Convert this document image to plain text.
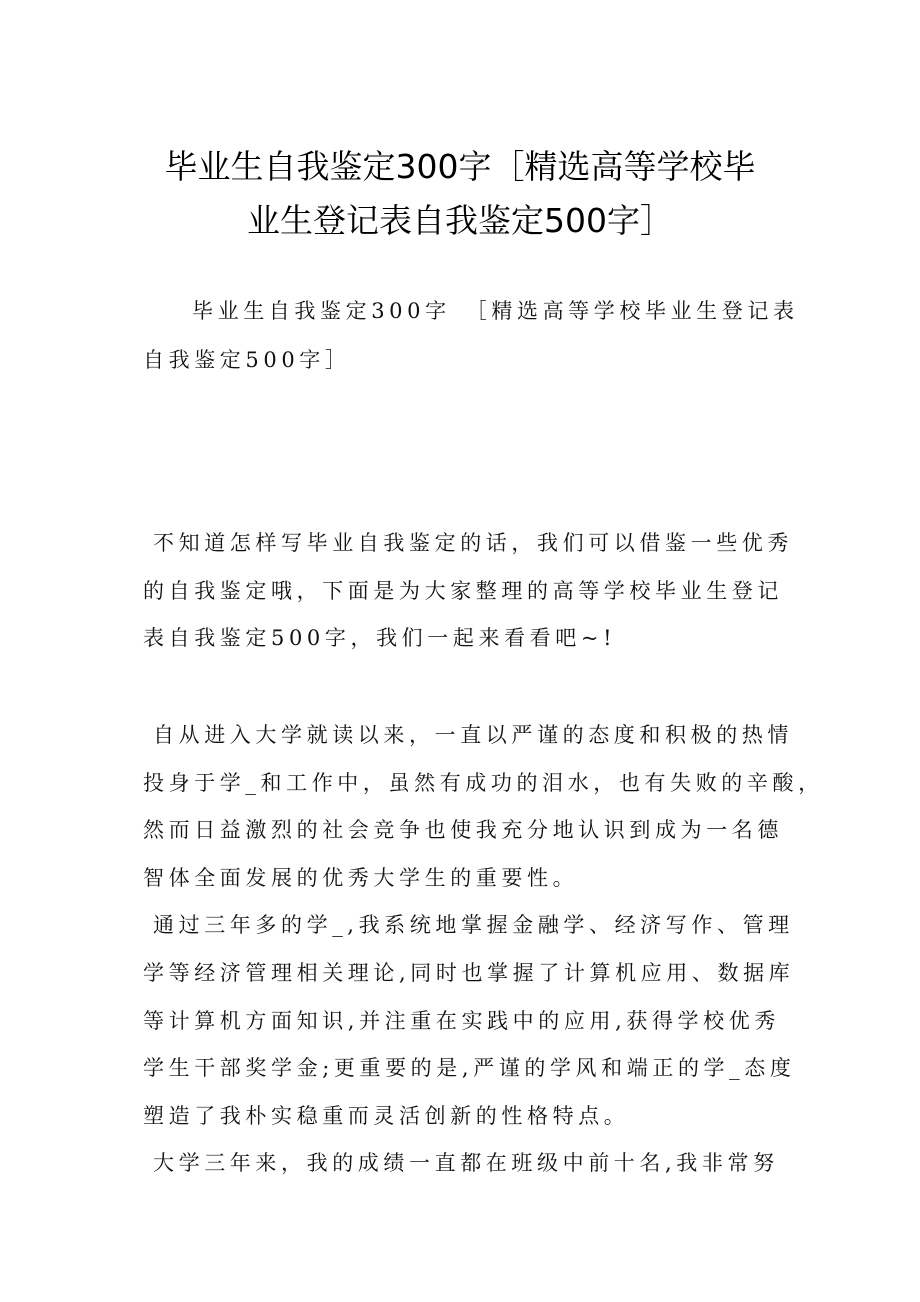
毕业生自我鉴定300字［精选高等学校毕
业生登记表自我鉴定500字］
毕业生自我鉴定300字　［精选高等学校毕业生登记表
自我鉴定500字］
不知道怎样写毕业自我鉴定的话，我们可以借鉴一些优秀
的自我鉴定哦，下面是为大家整理的高等学校毕业生登记
表自我鉴定500字，我们一起来看看吧~!
自从进入大学就读以来，一直以严谨的态度和积极的热情
投身于学_和工作中，虽然有成功的泪水，也有失败的辛酸，
然而日益激烈的社会竞争也使我充分地认识到成为一名德
智体全面发展的优秀大学生的重要性。
通过三年多的学_,我系统地掌握金融学、经济写作、管理
学等经济管理相关理论,同时也掌握了计算机应用、数据库
等计算机方面知识,并注重在实践中的应用,获得学校优秀
学生干部奖学金;更重要的是,严谨的学风和端正的学_态度
塑造了我朴实稳重而灵活创新的性格特点。
大学三年来，我的成绩一直都在班级中前十名,我非常努
